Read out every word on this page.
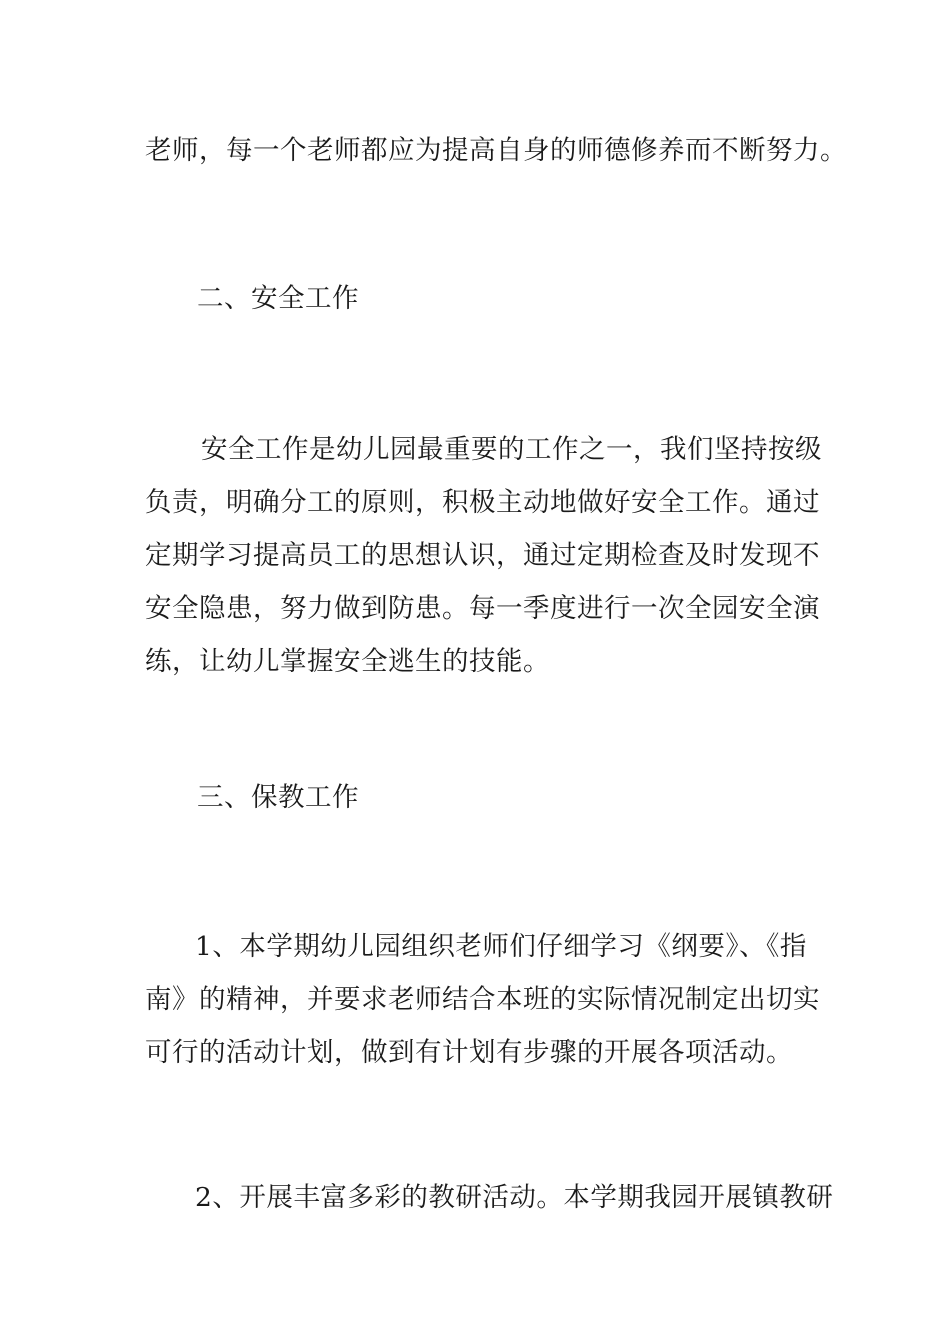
老师，每一个老师都应为提高自身的师德修养而不断努力。

二、安全工作

安全工作是幼儿园最重要的工作之一，我们坚持按级
负责，明确分工的原则，积极主动地做好安全工作。通过
定期学习提高员工的思想认识，通过定期检查及时发现不
安全隐患，努力做到防患。每一季度进行一次全园安全演
练，让幼儿掌握安全逃生的技能。

三、保教工作

1、本学期幼儿园组织老师们仔细学习《纲要》、《指
南》的精神，并要求老师结合本班的实际情况制定出切实
可行的活动计划，做到有计划有步骤的开展各项活动。

2、开展丰富多彩的教研活动。本学期我园开展镇教研
